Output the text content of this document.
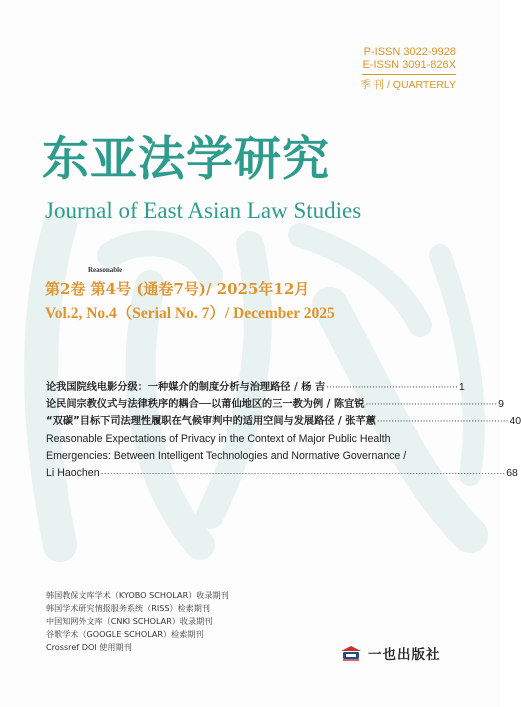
P-ISSN 3022-9928
E-ISSN 3091-826X
季 刊 / QUARTERLY
东亚法学研究
Journal of East Asian Law Studies
Reasonable
第2卷 第4号 (通卷7号)/ 2025年12月
Vol.2, No.4（Serial No. 7）/ December 2025
论我国院线电影分级：一种媒介的制度分析与治理路径 / 杨 吉 ·············································· 1
论民间宗教仪式与法律秩序的耦合──以莆仙地区的三一教为例 / 陈宜锐 ·············································· 9
“双碳”目标下司法理性履职在气候审判中的适用空间与发展路径 / 张芊蕙 ·············································· 40
Reasonable Expectations of Privacy in the Context of Major Public Health
Emergencies: Between Intelligent Technologies and Normative Governance /
Li Haochen ······································································································································· 68
韩国教保文库学术（KYOBO SCHOLAR）收录期刊
韩国学术研究情报服务系统（RISS）检索期刊
中国知网外文库（CNKI SCHOLAR）收录期刊
谷歌学术（GOOGLE SCHOLAR）检索期刊
Crossref DOI 使用期刊
一也出版社
